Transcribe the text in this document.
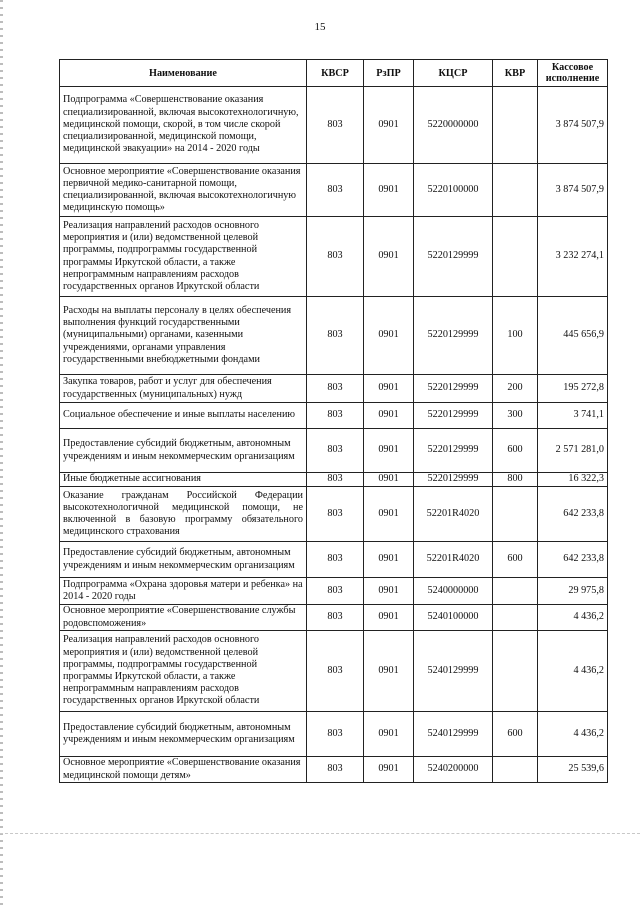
15
Наименование	КВСР	РзПР	КЦСР	КВР	Кассовое исполнение
Подпрограмма «Совершенствование оказания специализированной, включая высокотехнологичную, медицинской помощи, скорой, в том числе скорой специализированной, медицинской помощи, медицинской эвакуации» на 2014 - 2020 годы	803	0901	5220000000		3 874 507,9
Основное мероприятие «Совершенствование оказания первичной медико-санитарной помощи, специализированной, включая высокотехнологичную медицинскую помощь»	803	0901	5220100000		3 874 507,9
Реализация направлений расходов основного мероприятия и (или) ведомственной целевой программы, подпрограммы государственной программы Иркутской области, а также непрограммным направлениям расходов государственных органов Иркутской области	803	0901	5220129999		3 232 274,1
Расходы на выплаты персоналу в целях обеспечения выполнения функций государственными (муниципальными) органами, казенными учреждениями, органами управления государственными внебюджетными фондами	803	0901	5220129999	100	445 656,9
Закупка товаров, работ и услуг для обеспечения государственных (муниципальных) нужд	803	0901	5220129999	200	195 272,8
Социальное обеспечение и иные выплаты населению	803	0901	5220129999	300	3 741,1
Предоставление субсидий бюджетным, автономным учреждениям и иным некоммерческим организациям	803	0901	5220129999	600	2 571 281,0
Иные бюджетные ассигнования	803	0901	5220129999	800	16 322,3
Оказание гражданам Российской Федерации высокотехнологичной медицинской помощи, не включенной в базовую программу обязательного медицинского страхования	803	0901	52201R4020		642 233,8
Предоставление субсидий бюджетным, автономным учреждениям и иным некоммерческим организациям	803	0901	52201R4020	600	642 233,8
Подпрограмма «Охрана здоровья матери и ребенка» на 2014 - 2020 годы	803	0901	5240000000		29 975,8
Основное мероприятие «Совершенствование службы родовспоможения»	803	0901	5240100000		4 436,2
Реализация направлений расходов основного мероприятия и (или) ведомственной целевой программы, подпрограммы государственной программы Иркутской области, а также непрограммным направлениям расходов государственных органов Иркутской области	803	0901	5240129999		4 436,2
Предоставление субсидий бюджетным, автономным учреждениям и иным некоммерческим организациям	803	0901	5240129999	600	4 436,2
Основное мероприятие «Совершенствование оказания медицинской помощи детям»	803	0901	5240200000		25 539,6
